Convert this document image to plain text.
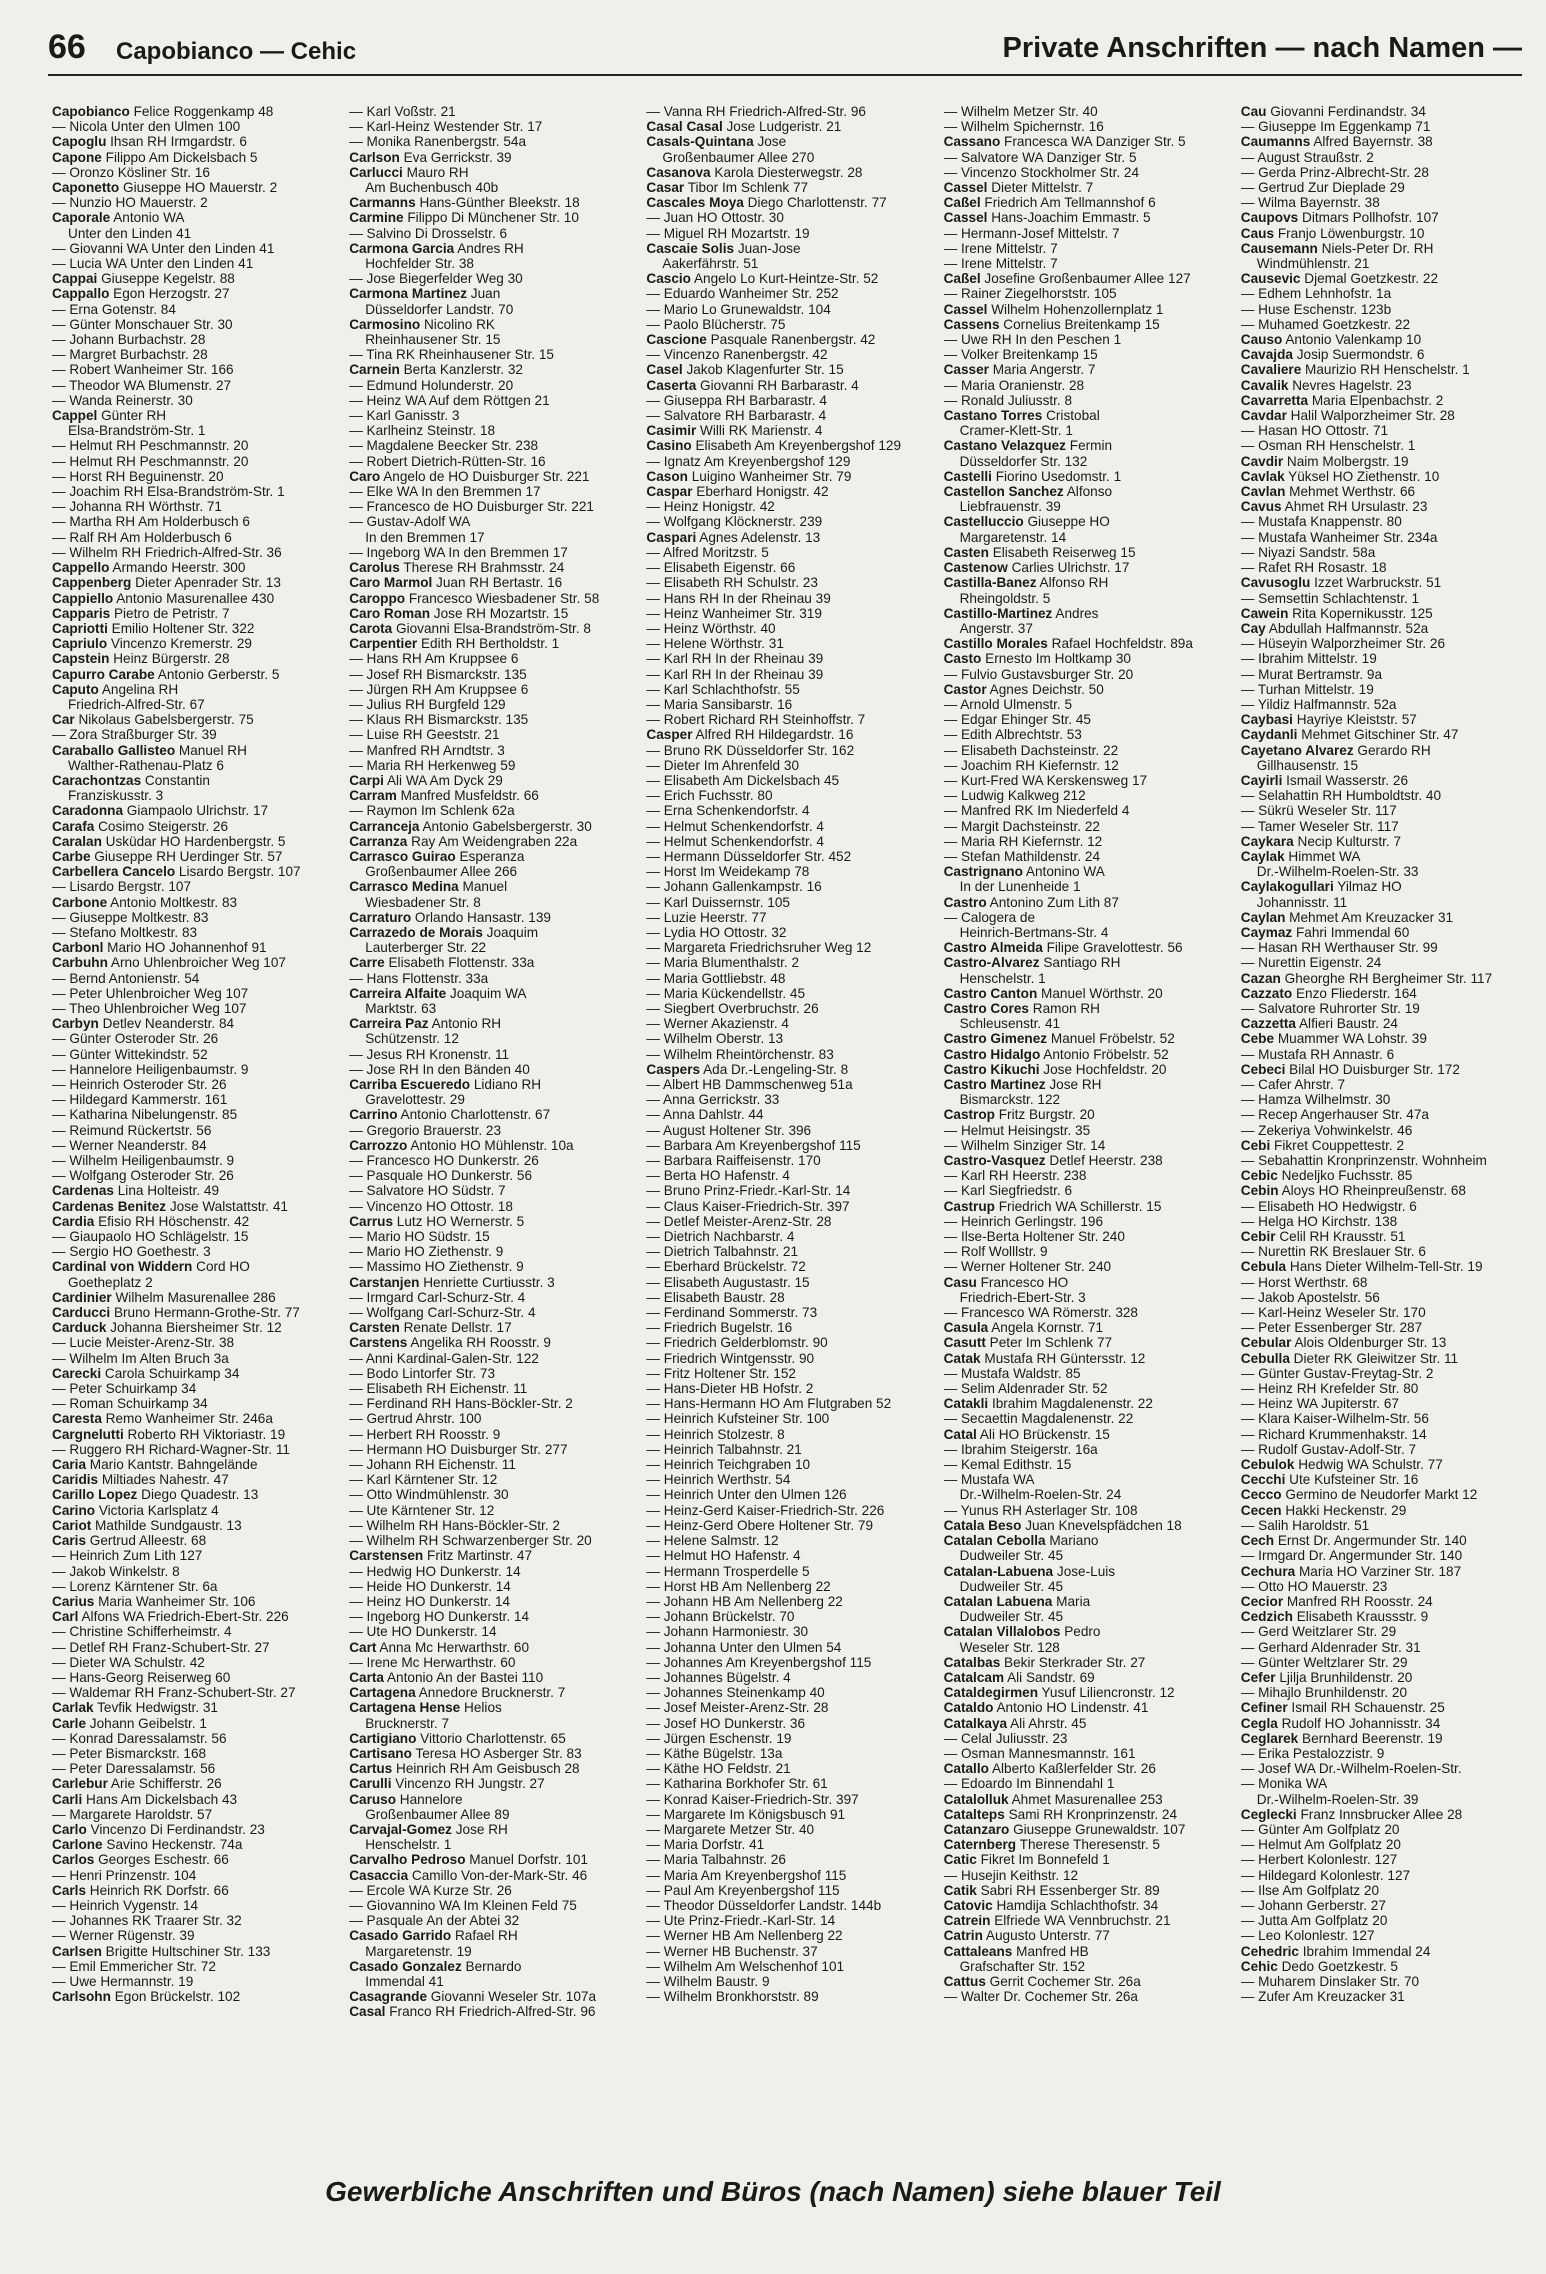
66 Capobianco — Cehic	Private Anschriften — nach Namen —
Capobianco Felice Roggenkamp 48
— Nicola Unter den Ulmen 100
Capoglu Ihsan RH Irmgardstr. 6
Capone Filippo Am Dickelsbach 5
— Oronzo Kösliner Str. 16
Caponetto Giuseppe HO Mauerstr. 2
— Nunzio HO Mauerstr. 2
Caporale Antonio WA
Unter den Linden 41
— Giovanni WA Unter den Linden 41
— Lucia WA Unter den Linden 41
Cappai Giuseppe Kegelstr. 88
Cappallo Egon Herzogstr. 27
— Erna Gotenstr. 84
— Günter Monschauer Str. 30
— Johann Burbachstr. 28
— Margret Burbachstr. 28
— Robert Wanheimer Str. 166
— Theodor WA Blumenstr. 27
— Wanda Reinerstr. 30
Cappel Günter RH
Elsa-Brandström-Str. 1
— Helmut RH Peschmannstr. 20
— Helmut RH Peschmannstr. 20
— Horst RH Beguinenstr. 20
— Joachim RH Elsa-Brandström-Str. 1
— Johanna RH Wörthstr. 71
— Martha RH Am Holderbusch 6
— Ralf RH Am Holderbusch 6
— Wilhelm RH Friedrich-Alfred-Str. 36
Cappello Armando Heerstr. 300
Cappenberg Dieter Apenrader Str. 13
Cappiello Antonio Masurenallee 430
Capparis Pietro de Petristr. 7
Capriotti Emilio Holtener Str. 322
Capriulo Vincenzo Kremerstr. 29
Capstein Heinz Bürgerstr. 28
Capurro Carabe Antonio Gerberstr. 5
Caputo Angelina RH
Friedrich-Alfred-Str. 67
Car Nikolaus Gabelsbergerstr. 75
— Zora Straßburger Str. 39
Caraballo Gallisteo Manuel RH
Walther-Rathenau-Platz 6
Carachontzas Constantin
Franziskusstr. 3
Caradonna Giampaolo Ulrichstr. 17
Carafa Cosimo Steigerstr. 26
Caralan Usküdar HO Hardenbergstr. 5
Carbe Giuseppe RH Uerdinger Str. 57
Carbellera Cancelo Lisardo Bergstr. 107
— Lisardo Bergstr. 107
Carbone Antonio Moltkestr. 83
— Giuseppe Moltkestr. 83
— Stefano Moltkestr. 83
Carbonl Mario HO Johannenhof 91
Carbuhn Arno Uhlenbroicher Weg 107
— Bernd Antonienstr. 54
— Peter Uhlenbroicher Weg 107
— Theo Uhlenbroicher Weg 107
Carbyn Detlev Neanderstr. 84
— Günter Osteroder Str. 26
— Günter Wittekindstr. 52
— Hannelore Heiligenbaumstr. 9
— Heinrich Osteroder Str. 26
— Hildegard Kammerstr. 161
— Katharina Nibelungenstr. 85
— Reimund Rückertstr. 56
— Werner Neanderstr. 84
— Wilhelm Heiligenbaumstr. 9
— Wolfgang Osteroder Str. 26
Cardenas Lina Holteistr. 49
Cardenas Benitez Jose Walstattstr. 41
Cardia Efisio RH Höschenstr. 42
— Giaupaolo HO Schlägelstr. 15
— Sergio HO Goethestr. 3
Cardinal von Widdern Cord HO
Goetheplatz 2
Cardinier Wilhelm Masurenallee 286
Carducci Bruno Hermann-Grothe-Str. 77
Carduck Johanna Biersheimer Str. 12
— Lucie Meister-Arenz-Str. 38
— Wilhelm Im Alten Bruch 3a
Carecki Carola Schuirkamp 34
— Peter Schuirkamp 34
— Roman Schuirkamp 34
Caresta Remo Wanheimer Str. 246a
Cargnelutti Roberto RH Viktoriastr. 19
— Ruggero RH Richard-Wagner-Str. 11
Caria Mario Kantstr. Bahngelände
Caridis Miltiades Nahestr. 47
Carillo Lopez Diego Quadestr. 13
Carino Victoria Karlsplatz 4
Cariot Mathilde Sundgaustr. 13
Caris Gertrud Alleestr. 68
— Heinrich Zum Lith 127
— Jakob Winkelstr. 8
— Lorenz Kärntener Str. 6a
Carius Maria Wanheimer Str. 106
Carl Alfons WA Friedrich-Ebert-Str. 226
— Christine Schifferheimstr. 4
— Detlef RH Franz-Schubert-Str. 27
— Dieter WA Schulstr. 42
— Hans-Georg Reiserweg 60
— Waldemar RH Franz-Schubert-Str. 27
Carlak Tevfik Hedwigstr. 31
Carle Johann Geibelstr. 1
— Konrad Daressalamstr. 56
— Peter Bismarckstr. 168
— Peter Daressalamstr. 56
Carlebur Arie Schifferstr. 26
Carli Hans Am Dickelsbach 43
— Margarete Haroldstr. 57
Carlo Vincenzo Di Ferdinandstr. 23
Carlone Savino Heckenstr. 74a
Carlos Georges Eschestr. 66
— Henri Prinzenstr. 104
Carls Heinrich RK Dorfstr. 66
— Heinrich Vygenstr. 14
— Johannes RK Traarer Str. 32
— Werner Rügenstr. 39
Carlsen Brigitte Hultschiner Str. 133
— Emil Emmericher Str. 72
— Uwe Hermannstr. 19
Carlsohn Egon Brückelstr. 102
— Karl Voßstr. 21
— Karl-Heinz Westender Str. 17
— Monika Ranenbergstr. 54a
Carlson Eva Gerrickstr. 39
Carlucci Mauro RH
Am Buchenbusch 40b
Carmanns Hans-Günther Bleekstr. 18
Carmine Filippo Di Münchener Str. 10
— Salvino Di Drosselstr. 6
Carmona Garcia Andres RH
Hochfelder Str. 38
— Jose Biegerfelder Weg 30
Carmona Martinez Juan
Düsseldorfer Landstr. 70
Carmosino Nicolino RK
Rheinhausener Str. 15
— Tina RK Rheinhausener Str. 15
Carnein Berta Kanzlerstr. 32
— Edmund Holunderstr. 20
— Heinz WA Auf dem Röttgen 21
— Karl Ganisstr. 3
— Karlheinz Steinstr. 18
— Magdalene Beecker Str. 238
— Robert Dietrich-Rütten-Str. 16
Caro Angelo de HO Duisburger Str. 221
— Elke WA In den Bremmen 17
— Francesco de HO Duisburger Str. 221
— Gustav-Adolf WA
In den Bremmen 17
— Ingeborg WA In den Bremmen 17
Carolus Therese RH Brahmsstr. 24
Caro Marmol Juan RH Bertastr. 16
Caroppo Francesco Wiesbadener Str. 58
Caro Roman Jose RH Mozartstr. 15
Carota Giovanni Elsa-Brandström-Str. 8
Carpentier Edith RH Bertholdstr. 1
— Hans RH Am Kruppsee 6
— Josef RH Bismarckstr. 135
— Jürgen RH Am Kruppsee 6
— Julius RH Burgfeld 129
— Klaus RH Bismarckstr. 135
— Luise RH Geeststr. 21
— Manfred RH Arndtstr. 3
— Maria RH Herkenweg 59
Carpi Ali WA Am Dyck 29
Carram Manfred Musfeldstr. 66
— Raymon Im Schlenk 62a
Carranceja Antonio Gabelsbergerstr. 30
Carranza Ray Am Weidengraben 22a
Carrasco Guirao Esperanza
Großenbaumer Allee 266
Carrasco Medina Manuel
Wiesbadener Str. 8
Carraturo Orlando Hansastr. 139
Carrazedo de Morais Joaquim
Lauterberger Str. 22
Carre Elisabeth Flottenstr. 33a
— Hans Flottenstr. 33a
Carreira Alfaite Joaquim WA
Marktstr. 63
Carreira Paz Antonio RH
Schützenstr. 12
— Jesus RH Kronenstr. 11
— Jose RH In den Bänden 40
Carriba Escueredo Lidiano RH
Gravelottestr. 29
Carrino Antonio Charlottenstr. 67
— Gregorio Brauerstr. 23
Carrozzo Antonio HO Mühlenstr. 10a
— Francesco HO Dunkerstr. 26
— Pasquale HO Dunkerstr. 56
— Salvatore HO Südstr. 7
— Vincenzo HO Ottostr. 18
Carrus Lutz HO Wernerstr. 5
— Mario HO Südstr. 15
— Mario HO Ziethenstr. 9
— Massimo HO Ziethenstr. 9
Carstanjen Henriette Curtiusstr. 3
— Irmgard Carl-Schurz-Str. 4
— Wolfgang Carl-Schurz-Str. 4
Carsten Renate Dellstr. 17
Carstens Angelika RH Roosstr. 9
— Anni Kardinal-Galen-Str. 122
— Bodo Lintorfer Str. 73
— Elisabeth RH Eichenstr. 11
— Ferdinand RH Hans-Böckler-Str. 2
— Gertrud Ahrstr. 100
— Herbert RH Roosstr. 9
— Hermann HO Duisburger Str. 277
— Johann RH Eichenstr. 11
— Karl Kärntener Str. 12
— Otto Windmühlenstr. 30
— Ute Kärntener Str. 12
— Wilhelm RH Hans-Böckler-Str. 2
— Wilhelm RH Schwarzenberger Str. 20
Carstensen Fritz Martinstr. 47
— Hedwig HO Dunkerstr. 14
— Heide HO Dunkerstr. 14
— Heinz HO Dunkerstr. 14
— Ingeborg HO Dunkerstr. 14
— Ute HO Dunkerstr. 14
Cart Anna Mc Herwarthstr. 60
— Irene Mc Herwarthstr. 60
Carta Antonio An der Bastei 110
Cartagena Annedore Brucknerstr. 7
Cartagena Hense Helios
Brucknerstr. 7
Cartigiano Vittorio Charlottenstr. 65
Cartisano Teresa HO Asberger Str. 83
Cartus Heinrich RH Am Geisbusch 28
Carulli Vincenzo RH Jungstr. 27
Caruso Hannelore
Großenbaumer Allee 89
Carvajal-Gomez Jose RH
Henschelstr. 1
Carvalho Pedroso Manuel Dorfstr. 101
Casaccia Camillo Von-der-Mark-Str. 46
— Ercole WA Kurze Str. 26
— Giovannino WA Im Kleinen Feld 75
— Pasquale An der Abtei 32
Casado Garrido Rafael RH
Margaretenstr. 19
Casado Gonzalez Bernardo
Immendal 41
Casagrande Giovanni Weseler Str. 107a
Casal Franco RH Friedrich-Alfred-Str. 96
— Vanna RH Friedrich-Alfred-Str. 96
Casal Casal Jose Ludgeristr. 21
Casals-Quintana Jose
Großenbaumer Allee 270
Casanova Karola Diesterwegstr. 28
Casar Tibor Im Schlenk 77
Cascales Moya Diego Charlottenstr. 77
— Juan HO Ottostr. 30
— Miguel RH Mozartstr. 19
Cascaie Solis Juan-Jose
Aakerfährstr. 51
Cascio Angelo Lo Kurt-Heintze-Str. 52
— Eduardo Wanheimer Str. 252
— Mario Lo Grunewaldstr. 104
— Paolo Blücherstr. 75
Cascione Pasquale Ranenbergstr. 42
— Vincenzo Ranenbergstr. 42
Casel Jakob Klagenfurter Str. 15
Caserta Giovanni RH Barbarastr. 4
— Giuseppa RH Barbarastr. 4
— Salvatore RH Barbarastr. 4
Casimir Willi RK Marienstr. 4
Casino Elisabeth Am Kreyenbergshof 129
— Ignatz Am Kreyenbergshof 129
Cason Luigino Wanheimer Str. 79
Caspar Eberhard Honigstr. 42
— Heinz Honigstr. 42
— Wolfgang Klöcknerstr. 239
Caspari Agnes Adelenstr. 13
— Alfred Moritzstr. 5
— Elisabeth Eigenstr. 66
— Elisabeth RH Schulstr. 23
— Hans RH In der Rheinau 39
— Heinz Wanheimer Str. 319
— Heinz Wörthstr. 40
— Helene Wörthstr. 31
— Karl RH In der Rheinau 39
— Karl RH In der Rheinau 39
— Karl Schlachthofstr. 55
— Maria Sansibarstr. 16
— Robert Richard RH Steinhoffstr. 7
Casper Alfred RH Hildegardstr. 16
— Bruno RK Düsseldorfer Str. 162
— Dieter Im Ahrenfeld 30
— Elisabeth Am Dickelsbach 45
— Erich Fuchsstr. 80
— Erna Schenkendorfstr. 4
— Helmut Schenkendorfstr. 4
— Helmut Schenkendorfstr. 4
— Hermann Düsseldorfer Str. 452
— Horst Im Weidekamp 78
— Johann Gallenkampstr. 16
— Karl Duissernstr. 105
— Luzie Heerstr. 77
— Lydia HO Ottostr. 32
— Margareta Friedrichsruher Weg 12
— Maria Blumenthalstr. 2
— Maria Gottliebstr. 48
— Maria Kückendellstr. 45
— Siegbert Overbruchstr. 26
— Werner Akazienstr. 4
— Wilhelm Oberstr. 13
— Wilhelm Rheintörchenstr. 83
Caspers Ada Dr.-Lengeling-Str. 8
— Albert HB Dammschenweg 51a
— Anna Gerrickstr. 33
— Anna Dahlstr. 44
— August Holtener Str. 396
— Barbara Am Kreyenbergshof 115
— Barbara Raiffeisenstr. 170
— Berta HO Hafenstr. 4
— Bruno Prinz-Friedr.-Karl-Str. 14
— Claus Kaiser-Friedrich-Str. 397
— Detlef Meister-Arenz-Str. 28
— Dietrich Nachbarstr. 4
— Dietrich Talbahnstr. 21
— Eberhard Brückelstr. 72
— Elisabeth Augustastr. 15
— Elisabeth Baustr. 28
— Ferdinand Sommerstr. 73
— Friedrich Bugelstr. 16
— Friedrich Gelderblomstr. 90
— Friedrich Wintgensstr. 90
— Fritz Holtener Str. 152
— Hans-Dieter HB Hofstr. 2
— Hans-Hermann HO Am Flutgraben 52
— Heinrich Kufsteiner Str. 100
— Heinrich Stolzestr. 8
— Heinrich Talbahnstr. 21
— Heinrich Teichgraben 10
— Heinrich Werthstr. 54
— Heinrich Unter den Ulmen 126
— Heinz-Gerd Kaiser-Friedrich-Str. 226
— Heinz-Gerd Obere Holtener Str. 79
— Helene Salmstr. 12
— Helmut HO Hafenstr. 4
— Hermann Trosperdelle 5
— Horst HB Am Nellenberg 22
— Johann HB Am Nellenberg 22
— Johann Brückelstr. 70
— Johann Harmoniestr. 30
— Johanna Unter den Ulmen 54
— Johannes Am Kreyenbergshof 115
— Johannes Bügelstr. 4
— Johannes Steinenkamp 40
— Josef Meister-Arenz-Str. 28
— Josef HO Dunkerstr. 36
— Jürgen Eschenstr. 19
— Käthe Bügelstr. 13a
— Käthe HO Feldstr. 21
— Katharina Borkhofer Str. 61
— Konrad Kaiser-Friedrich-Str. 397
— Margarete Im Königsbusch 91
— Margarete Metzer Str. 40
— Maria Dorfstr. 41
— Maria Talbahnstr. 26
— Maria Am Kreyenbergshof 115
— Paul Am Kreyenbergshof 115
— Theodor Düsseldorfer Landstr. 144b
— Ute Prinz-Friedr.-Karl-Str. 14
— Werner HB Am Nellenberg 22
— Werner HB Buchenstr. 37
— Wilhelm Am Welschenhof 101
— Wilhelm Baustr. 9
— Wilhelm Bronkhorststr. 89
— Wilhelm Metzer Str. 40
— Wilhelm Spichernstr. 16
Cassano Francesca WA Danziger Str. 5
— Salvatore WA Danziger Str. 5
— Vincenzo Stockholmer Str. 24
Cassel Dieter Mittelstr. 7
Caßel Friedrich Am Tellmannshof 6
Cassel Hans-Joachim Emmastr. 5
— Hermann-Josef Mittelstr. 7
— Irene Mittelstr. 7
— Irene Mittelstr. 7
Caßel Josefine Großenbaumer Allee 127
— Rainer Ziegelhorststr. 105
Cassel Wilhelm Hohenzollernplatz 1
Cassens Cornelius Breitenkamp 15
— Uwe RH In den Peschen 1
— Volker Breitenkamp 15
Casser Maria Angerstr. 7
— Maria Oranienstr. 28
— Ronald Juliusstr. 8
Castano Torres Cristobal
Cramer-Klett-Str. 1
Castano Velazquez Fermin
Düsseldorfer Str. 132
Castelli Fiorino Usedomstr. 1
Castellon Sanchez Alfonso
Liebfrauenstr. 39
Castelluccio Giuseppe HO
Margaretenstr. 14
Casten Elisabeth Reiserweg 15
Castenow Carlies Ulrichstr. 17
Castilla-Banez Alfonso RH
Rheingoldstr. 5
Castillo-Martinez Andres
Angerstr. 37
Castillo Morales Rafael Hochfeldstr. 89a
Casto Ernesto Im Holtkamp 30
— Fulvio Gustavsburger Str. 20
Castor Agnes Deichstr. 50
— Arnold Ulmenstr. 5
— Edgar Ehinger Str. 45
— Edith Albrechtstr. 53
— Elisabeth Dachsteinstr. 22
— Joachim RH Kiefernstr. 12
— Kurt-Fred WA Kerskensweg 17
— Ludwig Kalkweg 212
— Manfred RK Im Niederfeld 4
— Margit Dachsteinstr. 22
— Maria RH Kiefernstr. 12
— Stefan Mathildenstr. 24
Castrignano Antonino WA
In der Lunenheide 1
Castro Antonino Zum Lith 87
— Calogera de
Heinrich-Bertmans-Str. 4
Castro Almeida Filipe Gravelottestr. 56
Castro-Alvarez Santiago RH
Henschelstr. 1
Castro Canton Manuel Wörthstr. 20
Castro Cores Ramon RH
Schleusenstr. 41
Castro Gimenez Manuel Fröbelstr. 52
Castro Hidalgo Antonio Fröbelstr. 52
Castro Kikuchi Jose Hochfeldstr. 20
Castro Martinez Jose RH
Bismarckstr. 122
Castrop Fritz Burgstr. 20
— Helmut Heisingstr. 35
— Wilhelm Sinziger Str. 14
Castro-Vasquez Detlef Heerstr. 238
— Karl RH Heerstr. 238
— Karl Siegfriedstr. 6
Castrup Friedrich WA Schillerstr. 15
— Heinrich Gerlingstr. 196
— Ilse-Berta Holtener Str. 240
— Rolf Wolllstr. 9
— Werner Holtener Str. 240
Casu Francesco HO
Friedrich-Ebert-Str. 3
— Francesco WA Römerstr. 328
Casula Angela Kornstr. 71
Casutt Peter Im Schlenk 77
Catak Mustafa RH Güntersstr. 12
— Mustafa Waldstr. 85
— Selim Aldenrader Str. 52
Catakli Ibrahim Magdalenenstr. 22
— Secaettin Magdalenenstr. 22
Catal Ali HO Brückenstr. 15
— Ibrahim Steigerstr. 16a
— Kemal Edithstr. 15
— Mustafa WA
Dr.-Wilhelm-Roelen-Str. 24
— Yunus RH Asterlager Str. 108
Catala Beso Juan Knevelspfädchen 18
Catalan Cebolla Mariano
Dudweiler Str. 45
Catalan-Labuena Jose-Luis
Dudweiler Str. 45
Catalan Labuena Maria
Dudweiler Str. 45
Catalan Villalobos Pedro
Weseler Str. 128
Catalbas Bekir Sterkrader Str. 27
Catalcam Ali Sandstr. 69
Cataldegirmen Yusuf Liliencronstr. 12
Cataldo Antonio HO Lindenstr. 41
Catalkaya Ali Ahrstr. 45
— Celal Juliusstr. 23
— Osman Mannesmannstr. 161
Catallo Alberto Kaßlerfelder Str. 26
— Edoardo Im Binnendahl 1
Catalolluk Ahmet Masurenallee 253
Catalteps Sami RH Kronprinzenstr. 24
Catanzaro Giuseppe Grunewaldstr. 107
Caternberg Therese Theresenstr. 5
Catic Fikret Im Bonnefeld 1
— Husejin Keithstr. 12
Catik Sabri RH Essenberger Str. 89
Catovic Hamdija Schlachthofstr. 34
Catrein Elfriede WA Vennbruchstr. 21
Catrin Augusto Unterstr. 77
Cattaleans Manfred HB
Grafschafter Str. 152
Cattus Gerrit Cochemer Str. 26a
— Walter Dr. Cochemer Str. 26a
Cau Giovanni Ferdinandstr. 34
— Giuseppe Im Eggenkamp 71
Caumanns Alfred Bayernstr. 38
— August Straußstr. 2
— Gerda Prinz-Albrecht-Str. 28
— Gertrud Zur Dieplade 29
— Wilma Bayernstr. 38
Caupovs Ditmars Pollhofstr. 107
Caus Franjo Löwenburgstr. 10
Causemann Niels-Peter Dr. RH
Windmühlenstr. 21
Causevic Djemal Goetzkestr. 22
— Edhem Lehnhofstr. 1a
— Huse Eschenstr. 123b
— Muhamed Goetzkestr. 22
Causo Antonio Valenkamp 10
Cavajda Josip Suermondstr. 6
Cavaliere Maurizio RH Henschelstr. 1
Cavalik Nevres Hagelstr. 23
Cavarretta Maria Elpenbachstr. 2
Cavdar Halil Walporzheimer Str. 28
— Hasan HO Ottostr. 71
— Osman RH Henschelstr. 1
Cavdir Naim Molbergstr. 19
Cavlak Yüksel HO Ziethenstr. 10
Cavlan Mehmet Werthstr. 66
Cavus Ahmet RH Ursulastr. 23
— Mustafa Knappenstr. 80
— Mustafa Wanheimer Str. 234a
— Niyazi Sandstr. 58a
— Rafet RH Rosastr. 18
Cavusoglu Izzet Warbruckstr. 51
— Semsettin Schlachtenstr. 1
Cawein Rita Kopernikusstr. 125
Cay Abdullah Halfmannstr. 52a
— Hüseyin Walporzheimer Str. 26
— Ibrahim Mittelstr. 19
— Murat Bertramstr. 9a
— Turhan Mittelstr. 19
— Yildiz Halfmannstr. 52a
Caybasi Hayriye Kleiststr. 57
Caydanli Mehmet Gitschiner Str. 47
Cayetano Alvarez Gerardo RH
Gillhausenstr. 15
Cayirli Ismail Wasserstr. 26
— Selahattin RH Humboldtstr. 40
— Sükrü Weseler Str. 117
— Tamer Weseler Str. 117
Caykara Necip Kulturstr. 7
Caylak Himmet WA
Dr.-Wilhelm-Roelen-Str. 33
Caylakogullari Yilmaz HO
Johannisstr. 11
Caylan Mehmet Am Kreuzacker 31
Caymaz Fahri Immendal 60
— Hasan RH Werthauser Str. 99
— Nurettin Eigenstr. 24
Cazan Gheorghe RH Bergheimer Str. 117
Cazzato Enzo Fliederstr. 164
— Salvatore Ruhrorter Str. 19
Cazzetta Alfieri Baustr. 24
Cebe Muammer WA Lohstr. 39
— Mustafa RH Annastr. 6
Cebeci Bilal HO Duisburger Str. 172
— Cafer Ahrstr. 7
— Hamza Wilhelmstr. 30
— Recep Angerhauser Str. 47a
— Zekeriya Vohwinkelstr. 46
Cebi Fikret Couppettestr. 2
— Sebahattin Kronprinzenstr. Wohnheim
Cebic Nedeljko Fuchsstr. 85
Cebin Aloys HO Rheinpreußenstr. 68
— Elisabeth HO Hedwigstr. 6
— Helga HO Kirchstr. 138
Cebir Celil RH Krausstr. 51
— Nurettin RK Breslauer Str. 6
Cebula Hans Dieter Wilhelm-Tell-Str. 19
— Horst Werthstr. 68
— Jakob Apostelstr. 56
— Karl-Heinz Weseler Str. 170
— Peter Essenberger Str. 287
Cebular Alois Oldenburger Str. 13
Cebulla Dieter RK Gleiwitzer Str. 11
— Günter Gustav-Freytag-Str. 2
— Heinz RH Krefelder Str. 80
— Heinz WA Jupiterstr. 67
— Klara Kaiser-Wilhelm-Str. 56
— Richard Krummenhakstr. 14
— Rudolf Gustav-Adolf-Str. 7
Cebulok Hedwig WA Schulstr. 77
Cecchi Ute Kufsteiner Str. 16
Cecco Germino de Neudorfer Markt 12
Cecen Hakki Heckenstr. 29
— Salih Haroldstr. 51
Cech Ernst Dr. Angermunder Str. 140
— Irmgard Dr. Angermunder Str. 140
Cechura Maria HO Varziner Str. 187
— Otto HO Mauerstr. 23
Cecior Manfred RH Roosstr. 24
Cedzich Elisabeth Kraussstr. 9
— Gerd Weitzlarer Str. 29
— Gerhard Aldenrader Str. 31
— Günter Weltzlarer Str. 29
Cefer Ljilja Brunhildenstr. 20
— Mihajlo Brunhildenstr. 20
Cefiner Ismail RH Schauenstr. 25
Cegla Rudolf HO Johannisstr. 34
Ceglarek Bernhard Beerenstr. 19
— Erika Pestalozzistr. 9
— Josef WA Dr.-Wilhelm-Roelen-Str.
— Monika WA
Dr.-Wilhelm-Roelen-Str. 39
Ceglecki Franz Innsbrucker Allee 28
— Günter Am Golfplatz 20
— Helmut Am Golfplatz 20
— Herbert Kolonlestr. 127
— Hildegard Kolonlestr. 127
— Ilse Am Golfplatz 20
— Johann Gerberstr. 27
— Jutta Am Golfplatz 20
— Leo Kolonlestr. 127
Cehedric Ibrahim Immendal 24
Cehic Dedo Goetzkestr. 5
— Muharem Dinslaker Str. 70
— Zufer Am Kreuzacker 31
Gewerbliche Anschriften und Büros (nach Namen) siehe blauer Teil
